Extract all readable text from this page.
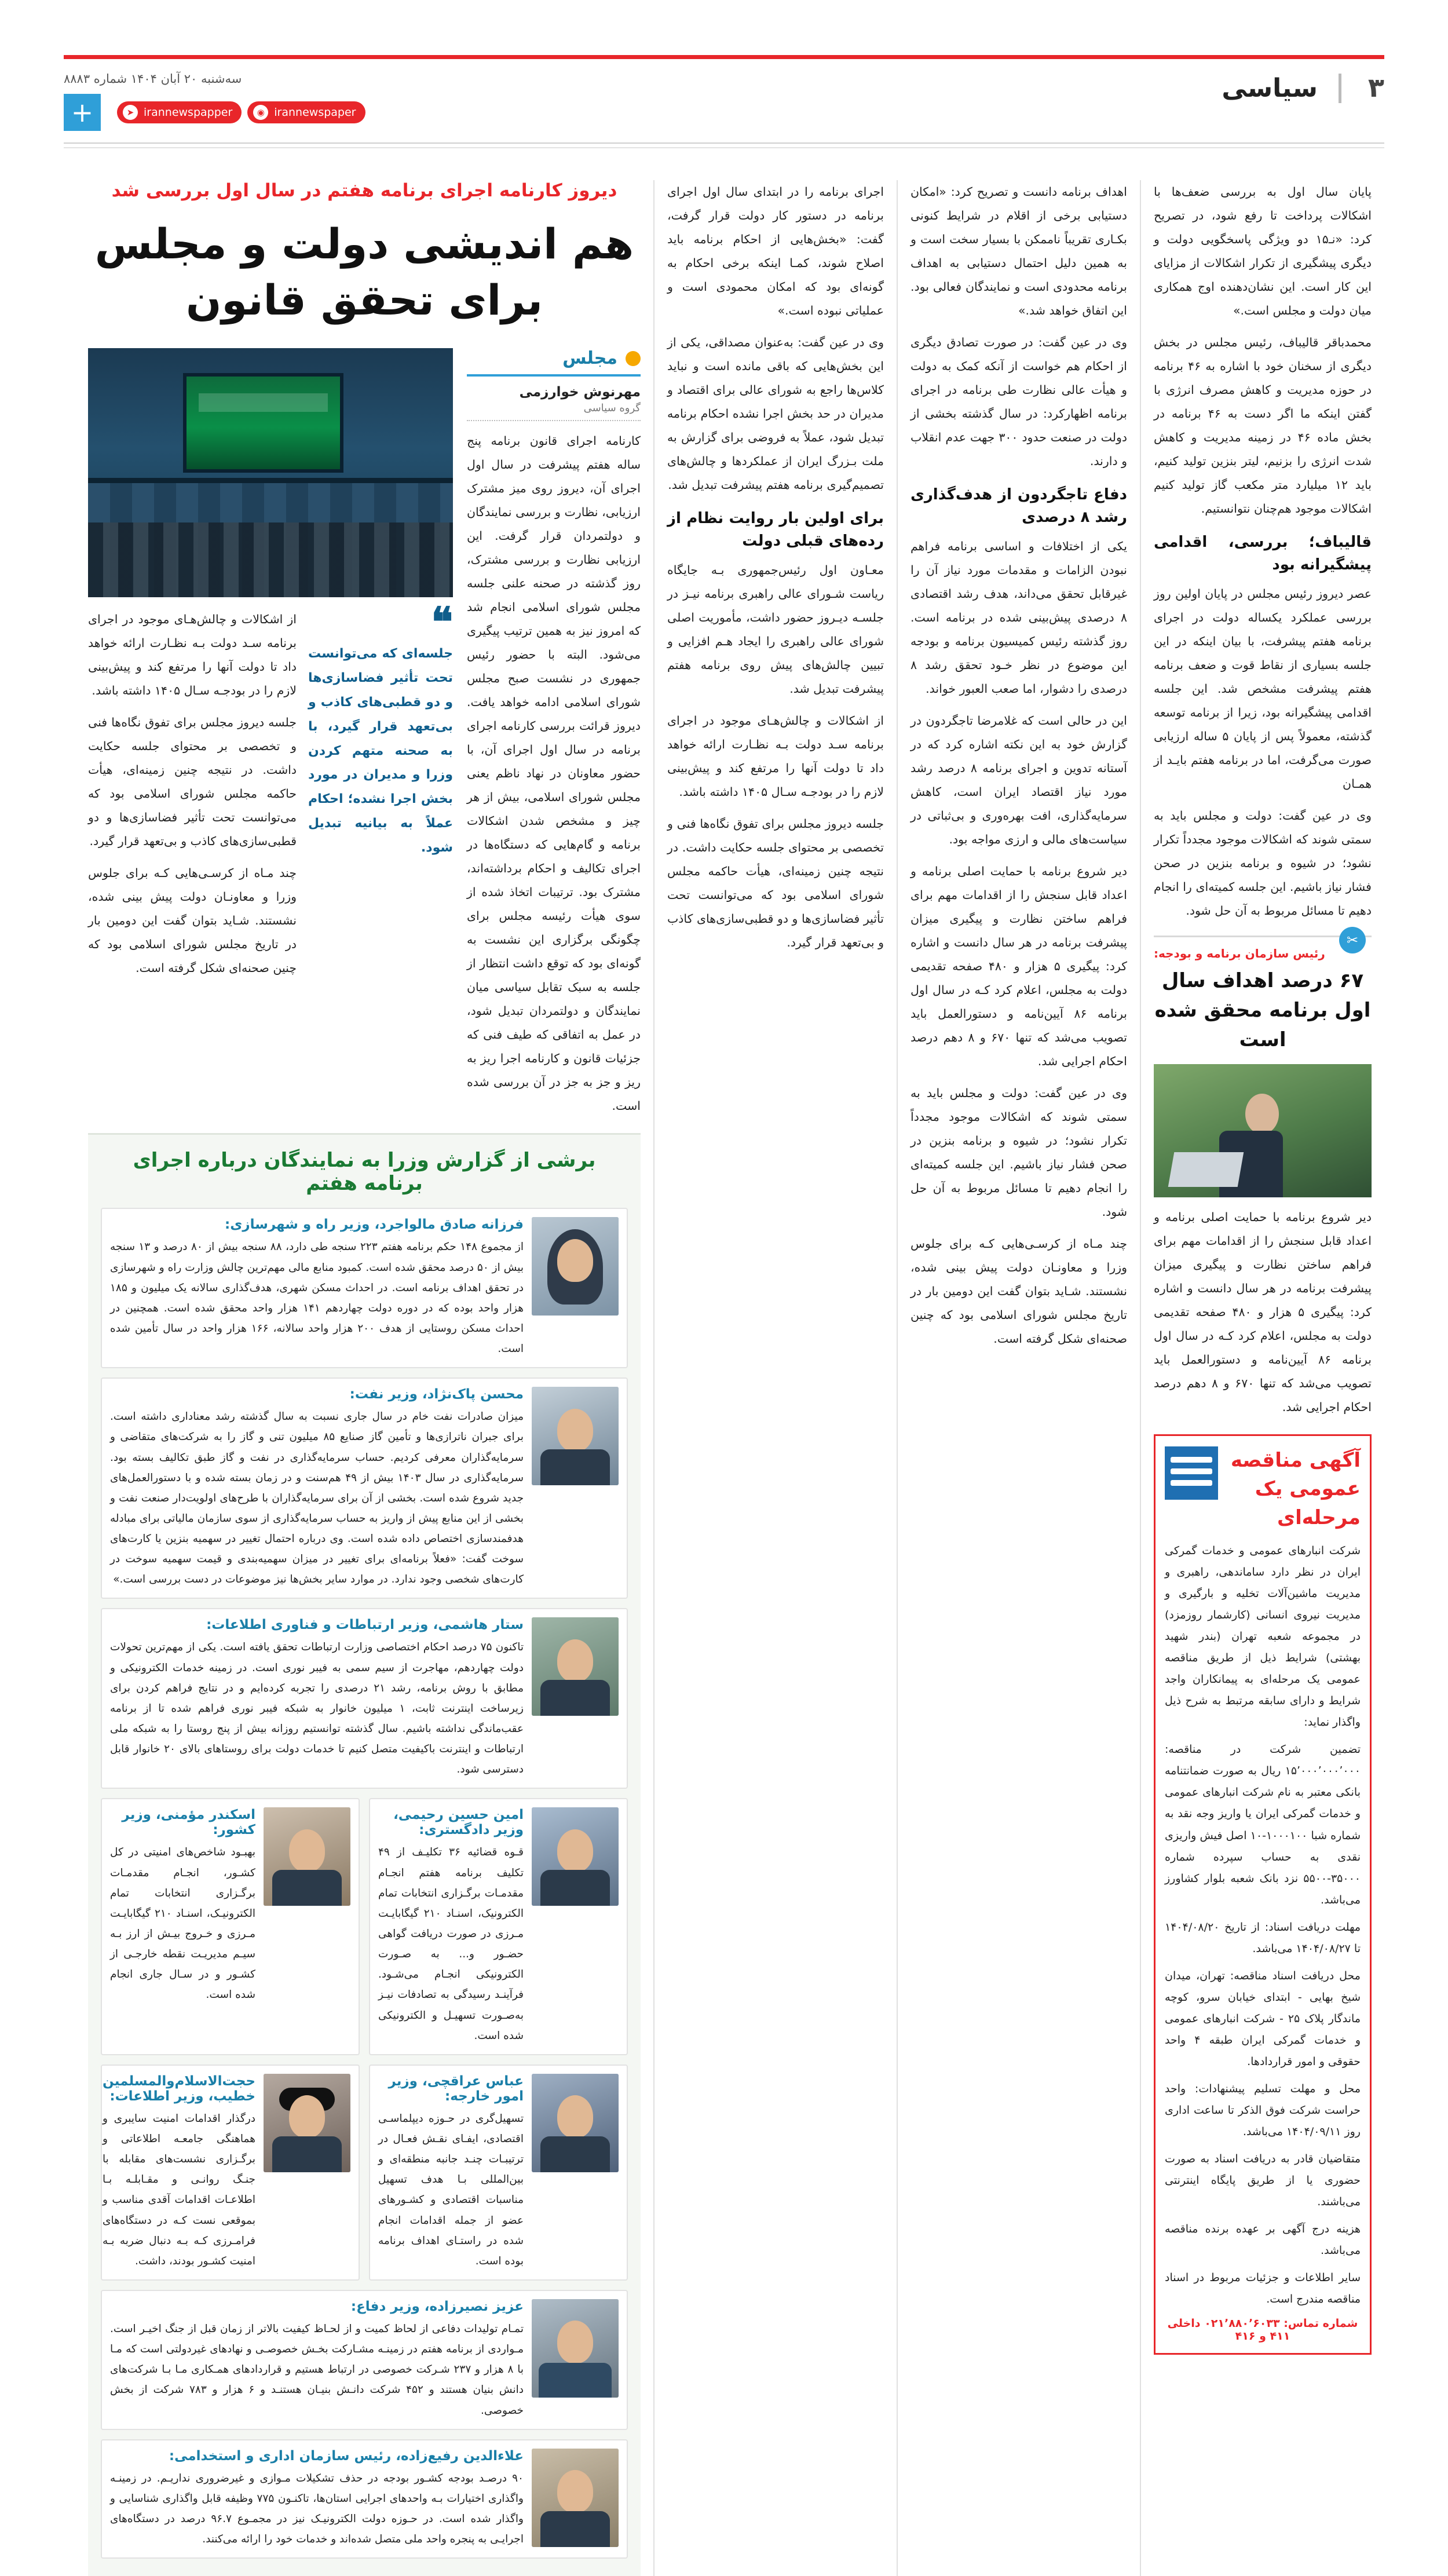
۳
سیاسی
سه‌شنبه ۲۰ آبان ۱۴۰۴ شماره ۸۸۸۳
◉ irannewspaper
➤ irannewspapper
+

پایان سال اول به بررسی ضعف‌ها با اشکالات پرداخت تا رفع شود، در تصریح کرد: «نـ۱۵ دو ویژگی پاسخگویی دولت و دیگری پیشگیری از تکرار اشکالات از مزایای این کار است. این نشان‌دهنده اوج همکاری میان دولت و مجلس است.»

محمدباقر قالیباف، رئیس مجلس در بخش دیگری از سخنان خود با اشاره به ۴۶ برنامه در حوزه مدیریت و کاهش مصرف انرژی با گفتن اینکه ما اگر دست به ۴۶ برنامه در بخش ماده ۴۶ در زمینه مدیریت و کاهش شدت انرژی را بزنیم، لیتر بنزین تولید کنیم، باید ۱۲ میلیارد متر مکعب گاز تولید کنیم اشکالات موجود هم‌چنان نتوانستیم.

قالیباف؛ بررسی، اقدامی پیشگیرانه بود

عصر دیروز رئیس مجلس در پایان اولین روز بررسی عملکرد یکساله دولت در اجرای برنامه هفتم پیشرفت، با بیان اینکه در این جلسه بسیاری از نقاط قوت و ضعف برنامه هفتم پیشرفت مشخص شد. این جلسه اقدامی پیشگیرانه بود، زیرا از برنامه توسعه گذشته، معمولاً پس از پایان ۵ ساله ارزیابی صورت می‌گرفت، اما در برنامه هفتم بایـد از همـان

وی در عین گفت: دولت و مجلس باید به سمتی شوند که اشکالات موجود مجدداً تکرار نشود؛ در شیوه و برنامه بنزین در صحن فشار نیاز باشیم. این جلسه کمیته‌ای را انجام دهیم تا مسائل مربوط به آن حل شود.

✂
رئیس سازمان برنامه و بودجه:
۶۷ درصد اهداف سال اول برنامه محقق شده است

دیر شروع برنامه با حمایت اصلی برنامه و اعداد قابل سنجش را از اقدامات مهم برای فراهم ساختن نظارت و پیگیری میزان پیشرفت برنامه در هر سال دانست و اشاره کرد: پیگیری ۵ هزار و ۴۸۰ صفحه تقدیمی دولت به مجلس، اعلام کرد کـه در سال اول برنامه ۸۶ آیین‌نامه و دستورالعمل باید تصویب می‌شد که تنها ۶۷۰ و ۸ دهم درصد احکام اجرایی شد.

آگهی مناقصه عمومی یک مرحله‌ای

شرکت انبارهای عمومی و خدمات گمرکی ایران در نظر دارد ساماندهی، راهبری و مدیریت ماشین‌آلات تخلیه و بارگیری و مدیریت نیروی انسانی (کارشمار روزمزد) در مجموعه شعبه تهران (بندر شهید بهشتی) شرایط ذیل از طریق مناقصه عمومی یک مرحله‌ای به پیمانکاران واجد شرایط و دارای سابقه مرتبط به شرح ذیل واگذار نماید:

تضمین شرکت در مناقصه: ۱۵٬۰۰۰٬۰۰۰٬۰۰۰ ریال به صورت ضمانتنامه بانکی معتبر به نام شرکت انبارهای عمومی و خدمات گمرکی ایران یا واریز وجه نقد به شماره شبا ۱۰۰۰۱۰۰-۱۰ اصل فیش واریزی نقدی به حساب سپرده شماره ۳۵۰۰۰-۵۵۰۰ نزد بانک شعبه بلوار کشاورز می‌باشد.

مهلت دریافت اسناد: از تاریخ ۱۴۰۴/۰۸/۲۰ تا ۱۴۰۴/۰۸/۲۷ می‌باشد.

محل دریافت اسناد مناقصه: تهران، میدان شیخ بهایی - ابتدای خیابان سرو، کوچه ماندگار پلاک ۲۵ - شرکت انبارهای عمومی و خدمات گمرکی ایران طبقه ۴ واحد حقوقی و امور قراردادها.

محل و مهلت تسلیم پیشنهادات: واحد حراست شرکت فوق الذکر تا ساعت اداری روز ۱۴۰۴/۰۹/۱۱ می‌باشد.

متقاضیان قادر به دریافت اسناد به صورت حضوری یا از طریق پایگاه اینترنتی می‌باشند.

هزینه درج آگهی بر عهده برنده مناقصه می‌باشد.

سایر اطلاعات و جزئیات مربوط در اسناد مناقصه مندرج است.

شماره تماس: ۰۲۱٬۸۸۰٬۶۰۳۳ داخلی ۴۱۱ و ۴۱۶

اهداف برنامه دانست و تصریح کرد: «امکان دستیابی برخی از اقلام در شرایط کنونی بکـاری تقریباً ناممکن با بسیار سخت است و به همین دلیل احتمال دستیابی به اهداف برنامه محدودی است و نمایندگان فعالی بود. این اتفاق خواهد شد.»

وی در عین گفت: در صورت تصادق دیگری از احکام هم خواست از آنکه کمک به دولت و هیأت عالی نظارت طی برنامه در اجرای برنامه اظهارکرد: در سال گذشته بخشی از دولت در صنعت حدود ۳۰۰ جهت عدم انقلاب و دارند.

دفاع تاجگردون از هدف‌گذاری رشد ۸ درصدی

یکی از اختلافات و اساسی برنامه فراهم نبودن الزامات و مقدمات مورد نیاز آن را غیرقابل تحقق می‌داند، هدف رشد اقتصادی ۸ درصدی پیش‌بینی شده در برنامه است. روز گذشته رئیس کمیسیون برنامه و بودجه این موضوع در نظر خـود تحقق رشد ۸ درصدی را دشوار، اما صعب العبور خواند.

این در حالی است که غلامرضا تاجگردون در گزارش خود به این نکته اشاره کرد که در آستانه تدوین و اجرای برنامه ۸ درصد رشد مورد نیاز اقتصاد ایران است، کاهش سرمایه‌گذاری، افت بهره‌وری و بی‌ثباتی در سیاست‌های مالی و ارزی مواجه بود.

دیر شروع برنامه با حمایت اصلی برنامه و اعداد قابل سنجش را از اقدامات مهم برای فراهم ساختن نظارت و پیگیری میزان پیشرفت برنامه در هر سال دانست و اشاره کرد: پیگیری ۵ هزار و ۴۸۰ صفحه تقدیمی دولت به مجلس، اعلام کرد کـه در سال اول برنامه ۸۶ آیین‌نامه و دستورالعمل باید تصویب می‌شد که تنها ۶۷۰ و ۸ دهم درصد احکام اجرایی شد.

وی در عین گفت: دولت و مجلس باید به سمتی شوند که اشکالات موجود مجدداً تکرار نشود؛ در شیوه و برنامه بنزین در صحن فشار نیاز باشیم. این جلسه کمیته‌ای را انجام دهیم تا مسائل مربوط به آن حل شود.

چند مـاه از کرسـی‌هایی کـه برای جلوس وزرا و معاونـان دولت پیش بینی شده، نشستند. شـاید بتوان گفت این دومین بار در تاریخ مجلس شورای اسلامی بود که چنین صحنه‌ای شکل گرفته است.

اجرای برنامه را در ابتدای سال اول اجرای برنامه در دستور کار دولت قرار گرفت، گفت: «بخش‌هایی از احکام برنامه باید اصلاح شوند، کمـا اینکه برخی احکام به گونه‌ای بود که امکان محمودی است و عملیاتی نبوده است.»

وی در عین گفت: به‌عنوان مصداقی، یکی از این بخش‌هایی که باقی مانده است و نباید کلاس‌ها راجع به شورای عالی برای اقتصاد و مدیران در حد بخش اجرا نشده احکام برنامه تبدیل شود، عملاً به فروضی برای گزارش به ملت بـزرگ ایران از عملکردها و چالش‌های تصمیم‌گیری برنامه هفتم پیشرفت تبدیل شد.

برای اولین بار روایت نظام از رده‌های قبلی دولت

معـاون اول رئیس‌جمهوری بـه جایگاه ریاست شـورای عالی راهبری برنامه نیـز در جلسـه دیـروز حضور داشت، مأموریت اصلی شورای عالی راهبری را ایجاد هـم افزایی و تبیین چالش‌های پیش روی برنامه هفتم پیشرفت تبدیل شد.

از اشکالات و چالش‌هـای موجود در اجرای برنامه سـد دولت بـه نظـارت ارائه خواهد داد تا دولت آنها را مرتفع کند و پیش‌بینی لازم را در بودجـه سـال ۱۴۰۵ داشته باشد.

جلسه دیروز مجلس برای تفوق نگاه‌ها فنی و تخصصی بر محتوای جلسه حکایت داشت. در نتیجه چنین زمینه‌ای، هیأت حاکمه مجلس شورای اسلامی بود که می‌توانست تحت تأثیر فضاسازی‌ها و دو قطبی‌سازی‌های کاذب و بی‌تعهد قرار گیرد.

دیروز کارنامه اجرای برنامه هفتم در سال اول بررسی شد
هم اندیشی دولت و مجلس برای تحقق قانون
مجلس
مهرنوش خوارزمی
گروه سیاسی
کارنامه اجرای قانون برنامه پنج ساله هفتم پیشرفت در سال اول اجرای آن، دیروز روی میز مشترک ارزیابی، نظارت و بررسی نمایندگان و دولتمردان قرار گرفت. این ارزیابی نظارت و بررسی مشترک، روز گذشته در صحنه علنی جلسه مجلس شورای اسلامی انجام شد که امروز نیز به همین ترتیب پیگیری می‌شود. البته با حضور رئیس جمهوری در نشست صبح مجلس شورای اسلامی ادامه خواهد یافت. دیروز قرائت بررسی کارنامه اجرای برنامه در سال اول اجرای آن، با حضور معاونان در نهاد ناظم یعنی مجلس شورای اسلامی، بیش از هر چیز و مشخص شدن اشکالات برنامه و گام‌هایی که دستگاه‌ها در اجرای تکالیف و احکام برداشته‌اند، مشترک بود. ترتیبات اتخاذ شده از سوی هیأت رئیسه مجلس برای چگونگی برگزاری این نشست به گونه‌ای بود که توقع داشت انتظار از جلسه به سبک تقابل سیاسی میان نمایندگان و دولتمردان تبدیل شود، در عمل به اتفاقی که طیف فنی که جزئیات قانون و کارنامه اجرا ریز به ریز و جز به جز در آن بررسی شده است.
❝
جلسه‌ای که می‌توانست تحت تأثیر فضاسازی‌ها و دو قطبی‌های کاذب و بی‌تعهد قرار گیرد، با به صحنه متهم کردن وزرا و مدیران در مورد بخش اجرا نشده؛ احکام عملاً به بیانیه تبدیل شود.

از اشکالات و چالش‌هـای موجود در اجرای برنامه سـد دولت بـه نظـارت ارائه خواهد داد تا دولت آنها را مرتفع کند و پیش‌بینی لازم را در بودجـه سـال ۱۴۰۵ داشته باشد.

جلسه دیروز مجلس برای تفوق نگاه‌ها فنی و تخصصی بر محتوای جلسه حکایت داشت. در نتیجه چنین زمینه‌ای، هیأت حاکمه مجلس شورای اسلامی بود که می‌توانست تحت تأثیر فضاسازی‌ها و دو قطبی‌سازی‌های کاذب و بی‌تعهد قرار گیرد.

چند مـاه از کرسـی‌هایی کـه برای جلوس وزرا و معاونـان دولت پیش بینی شده، نشستند. شـاید بتوان گفت این دومین بار در تاریخ مجلس شورای اسلامی بود که چنین صحنه‌ای شکل گرفته است.

برشی از گزارش وزرا به نمایندگان درباره اجرای برنامه هفتم
فرزانه صادق مالواجرد، وزیر راه و شهرسازی:
از مجموع ۱۴۸ حکم برنامه هفتم ۲۲۳ سنجه طی دارد، ۸۸ سنجه بیش از ۸۰ درصد و ۱۳ سنجه بیش از ۵۰ درصد محقق شده است. کمبود منابع مالی مهم‌ترین چالش وزارت راه و شهرسازی در تحقق اهداف برنامه است. در احداث مسکن شهری، هدف‌گذاری سالانه یک میلیون و ۱۸۵ هزار واحد بوده که در دوره دولت چهاردهم ۱۴۱ هزار واحد محقق شده است. همچنین در احداث مسکن روستایی از هدف ۲۰۰ هزار واحد سالانه، ۱۶۶ هزار واحد در سال تأمین شده است.
محسن پاک‌نژاد، وزیر نفت:
میزان صادرات نفت خام در سال جاری نسبت به سال گذشته رشد معناداری داشته است. برای جبران ناترازی‌ها و تأمین گاز صنایع ۸۵ میلیون تنی و گاز را به شرکت‌های متقاضی و سرمایه‌گذاران معرفی کردیم. حساب سرمایه‌گذاری در نفت و گاز طبق تکالیف بسته بود. سرمایه‌گذاری در سال ۱۴۰۳ بیش از ۴۹ هم‌سنت و در زمان بسته شده و با دستورالعمل‌های جدید شروع شده است. بخشی از آن برای سرمایه‌گذاران با طرح‌های اولویت‌دار صنعت نفت و بخشی از این منابع پیش از واریز به حساب سرمایه‌گذاری از سوی سازمان مالیاتی برای مبادله هدفمند‌سازی اختصاص داده شده است. وی درباره احتمال تغییر در سهمیه بنزین یا کارت‌های سوخت گفت: «فعلاً برنامه‌ای برای تغییر در میزان سهمیه‌بندی و قیمت سهمیه سوخت در کارت‌های شخصی وجود ندارد. در موارد سایر بخش‌ها نیز موضوعات در دست بررسی است.»
ستار هاشمی، وزیر ارتباطات و فناوری اطلاعات:
تاکنون ۷۵ درصد احکام اختصاصی وزارت ارتباطات تحقق یافته است. یکی از مهم‌ترین تحولات دولت چهاردهم، مهاجرت از سیم سمی به فیبر نوری است. در زمینه خدمات الکترونیکی و مطابق با روش برنامه، رشد ۲۱ درصدی را تجربه کرده‌ایم و در نتایج فراهم کردن برای زیرساخت اینترنت ثابت، ۱ میلیون خانوار به شبکه فیبر نوری فراهم شده تا از برنامه عقب‌ماندگی نداشته باشیم. سال گذشته توانستیم روزانه بیش از پنج روستا را به شبکه ملی ارتباطات و اینترنت باکیفیت متصل کنیم تا خدمات دولت برای روستاهای بالای ۲۰ خانوار قابل دسترسی شود.
امین حسین رحیمی، وزیر دادگستری:
قـوه قضائیه ۳۶ تکلیـف از ۴۹ تکلیف برنامه هفتم انجـام مقدمـات برگـزاری انتخابات تمام الکترونیک، اسنـاد ۲۱۰ گیگابایـت مـرزی در صورت دریافت گواهی حضـور و... به صـورت الکترونیکی انجـام می‌شـود. فرآینـد رسیدگی به تصادفات نیـز به‌صـورت تسهیـل و الکترونیکی شده است.
اسکندر مؤمنی، وزیر کشور:
بهبـود شاخص‌های امنیتی در کل کشـور، انجـام مقدمـات برگـزاری انتخابات تمام الکترونیـک، اسنـاد ۲۱۰ گیگابایـت مـرزی و خـروج بیـش از ارز بـه سیـم مدیریـت نقطه خارجـی از کشـور و در سـال جاری انجام شده است.
عباس عراقچی، وزیر امور خارجه:
تسهیل‌گری در حـوزه دیپلماسـی اقتصادی، ایفـای نقـش فعـال در ترتیبـات چنـد جانبه منطقه‌ای و بین‌المللی بـا هدف تسهیل مناسبات اقتصادی و کشـورهای عضو از جمله اقدامات انجام شده در راستـای اهداف برنامه بوده است.
حجت‌الاسلام‌والمسلمین خطیب، وزیر اطلاعات:
درگذار اقدامات امنیت سایبری و هماهنگی جامعـه اطلاعاتی و برگـزاری نشست‌های مقابله با جنـگ روانـی و مقـابلـه بـا اطلاعـات اقدامات آقدی مناسب و بموقعی نست کـه در دستگاه‌های فرامـرزی کـه بـه دنبال ضربه بـه امنیت کشـور بودند، داشت.
عزیز نصیرزاده، وزیر دفاع:
تمـام تولیدات دفاعی از لحاظ کمیت و از لحـاظ کیفیت بالاتر از زمان قبل از جنگ اخیـر است. مـواردی از برنامه هفتم در زمینـه مشـارکت بخـش خصوصـی و نهادهای غیردولتی است که مـا با ۸ هزار و ۲۳۷ شـرکت خصوصی در ارتباط هستیم و قراردادهای همـکار‌ی مـا بـا شرکت‌های دانش بنیان هستند و ۴۵۲ شرکت دانـش بنیـان هستنـد و ۶ هزار و ۷۸۳ شرکت از بخش خصوصی.
علاءالدین رفیع‌زاده، رئیس سازمان اداری و استخدامی:
۹۰ درصـد بودجه کشـور بودجه در حذف تشکیلات مـوازی و غیرضروری نداریـم. در زمینـه واگذاری اختیارات بـه واحدهای اجرایی استان‌ها، تاکنـون ۷۷۵ وظیفه قابل واگذاری شناسایی و واگذار شده است. در حـوزه دولت الکترونیـک نیز در مجمـوع ۹۶.۷ درصد در دستگاه‌های اجرایـی به پنجره واحد ملی متصل شده‌اند و خدمات خود را ارائه می‌کنند.
